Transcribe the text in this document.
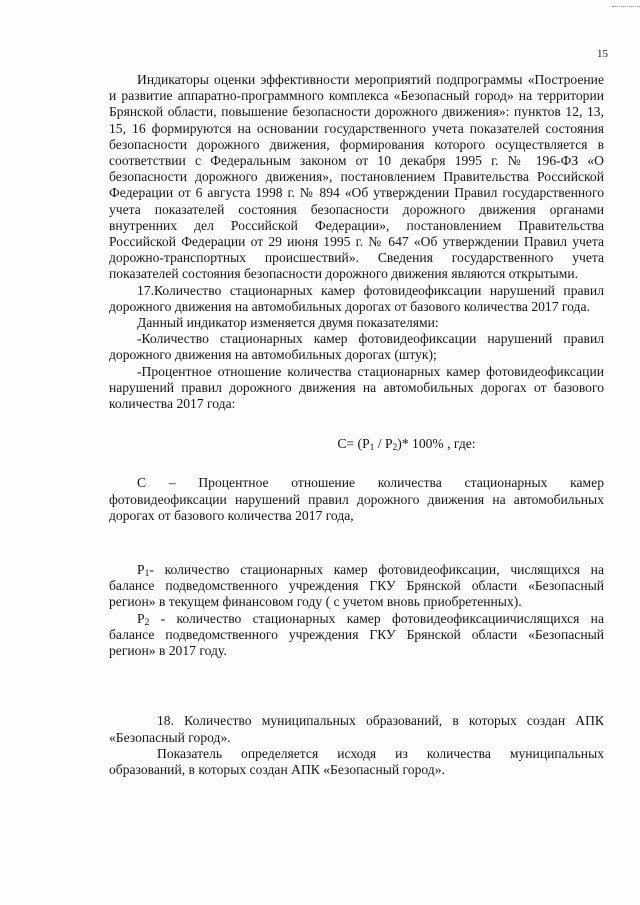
15

Индикаторы оценки эффективности мероприятий подпрограммы «Построение и развитие аппаратно-программного комплекса «Безопасный город» на территории Брянской области, повышение безопасности дорожного движения»: пунктов 12, 13, 15, 16 формируются на основании государственного учета показателей состояния безопасности дорожного движения, формирования которого осуществляется в соответствии с Федеральным законом от 10 декабря 1995 г. № 196-ФЗ «О безопасности дорожного движения», постановлением Правительства Российской Федерации от 6 августа 1998 г. № 894 «Об утверждении Правил государственного учета показателей состояния безопасности дорожного движения органами внутренних дел Российской Федерации», постановлением Правительства Российской Федерации от 29 июня 1995 г. № 647 «Об утверждении Правил учета дорожно-транспортных происшествий». Сведения государственного учета показателей состояния безопасности дорожного движения являются открытыми.

17.Количество стационарных камер фотовидеофиксации нарушений правил дорожного движения на автомобильных дорогах от базового количества 2017 года.

Данный индикатор изменяется двумя показателями:

-Количество стационарных камер фотовидеофиксации нарушений правил дорожного движения на автомобильных дорогах (штук);

-Процентное отношение количества стационарных камер фотовидеофиксации нарушений правил дорожного движения на автомобильных дорогах от базового количества 2017 года:

$C= (P_1 / P_2)*$ 100% , где:

С – Процентное отношение количества стационарных камер фотовидеофиксации нарушений правил дорожного движения на автомобильных дорогах от базового количества 2017 года,

$P_1-$ количество стационарных камер фотовидеофиксации, числящихся на балансе подведомственного учреждения ГКУ Брянской области «Безопасный регион» в текущем финансовом году ( с учетом вновь приобретенных).

$P_2$ - количество стационарных камер фотовидеофиксациичислящихся на балансе подведомственного учреждения ГКУ Брянской области «Безопасный регион» в 2017 году.

18. Количество муниципальных образований, в которых создан АПК «Безопасный город».

Показатель определяется исходя из количества муниципальных образований, в которых создан АПК «Безопасный город».
